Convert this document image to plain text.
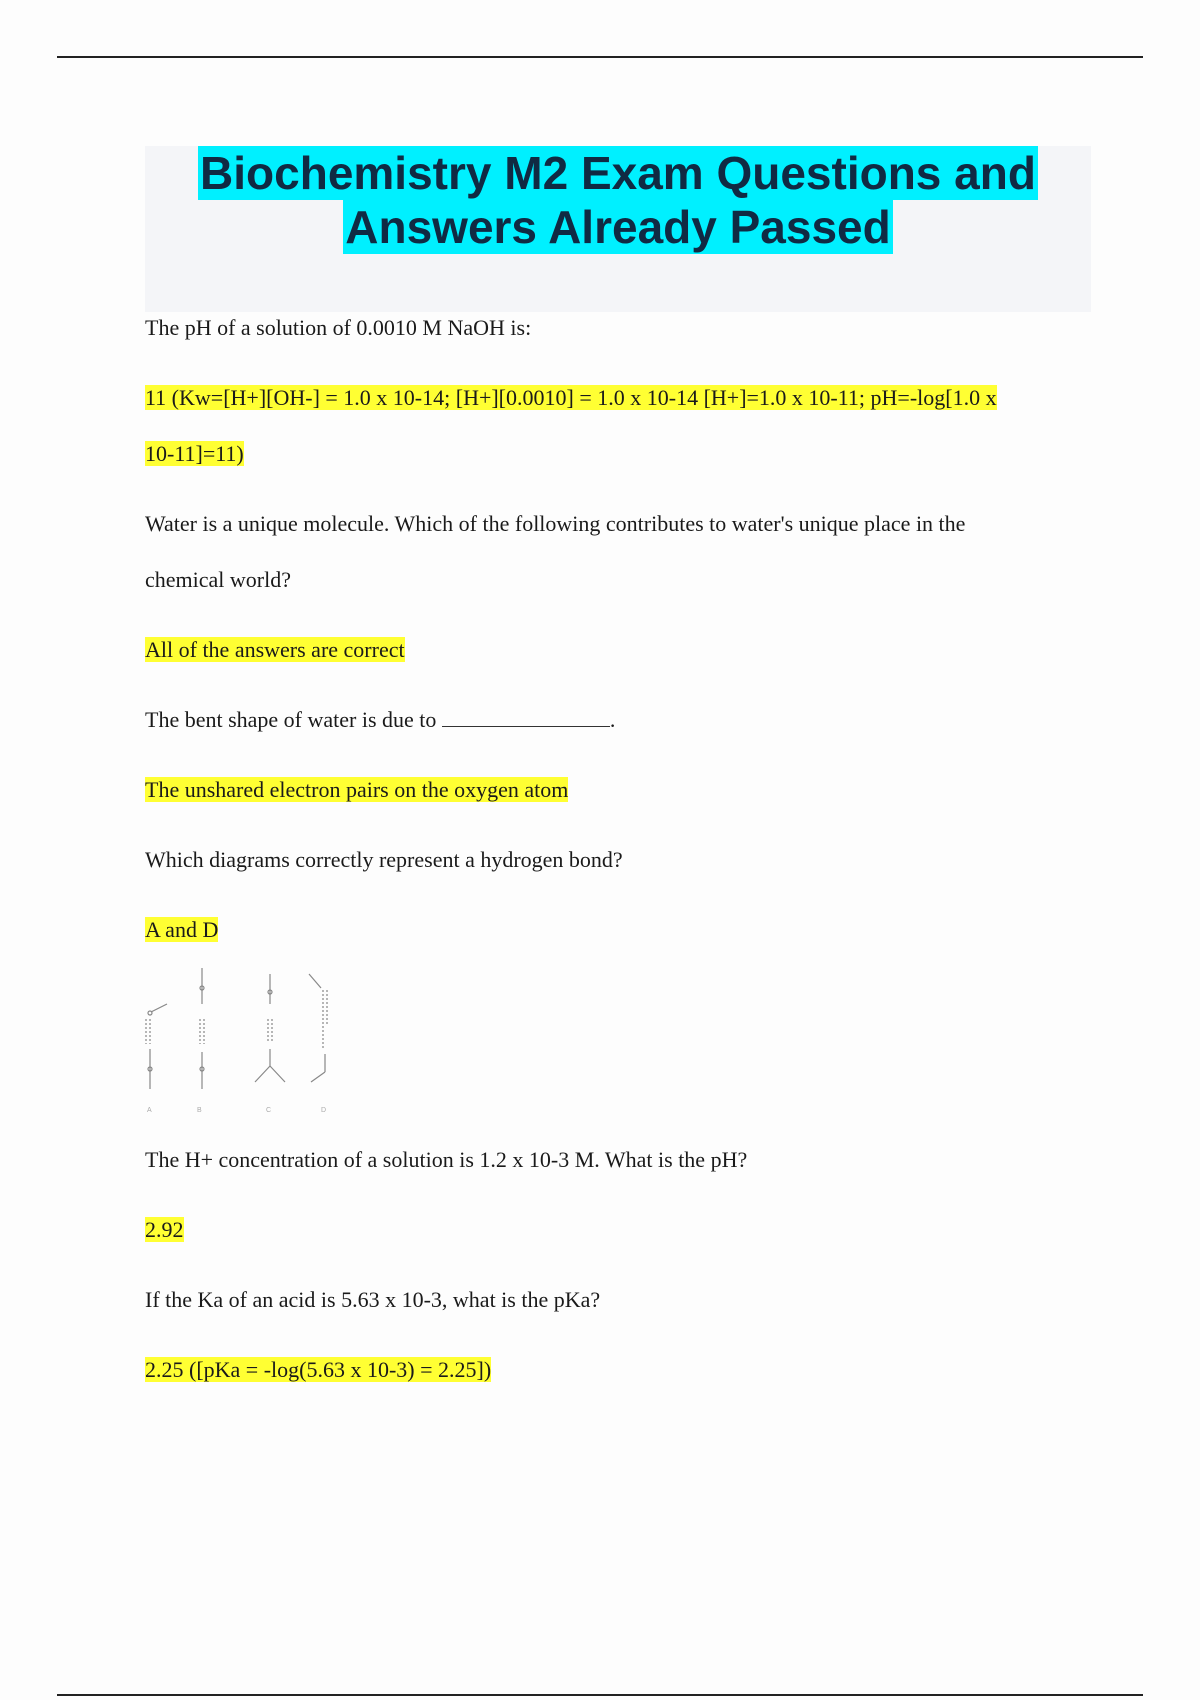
Biochemistry M2 Exam Questions and
Answers Already Passed

The pH of a solution of 0.0010 M NaOH is:

11 (Kw=[H+][OH-] = 1.0 x 10-14; [H+][0.0010] = 1.0 x 10-14 [H+]=1.0 x 10-11; pH=-log[1.0 x
10-11]=11)

Water is a unique molecule. Which of the following contributes to water's unique place in the
chemical world?

All of the answers are correct

The bent shape of water is due to	.

The unshared electron pairs on the oxygen atom

Which diagrams correctly represent a hydrogen bond?

A and D

A	B	C	D

The H+ concentration of a solution is 1.2 x 10-3 M. What is the pH?

2.92

If the Ka of an acid is 5.63 x 10-3, what is the pKa?

2.25 ([pKa = -log(5.63 x 10-3) = 2.25])
